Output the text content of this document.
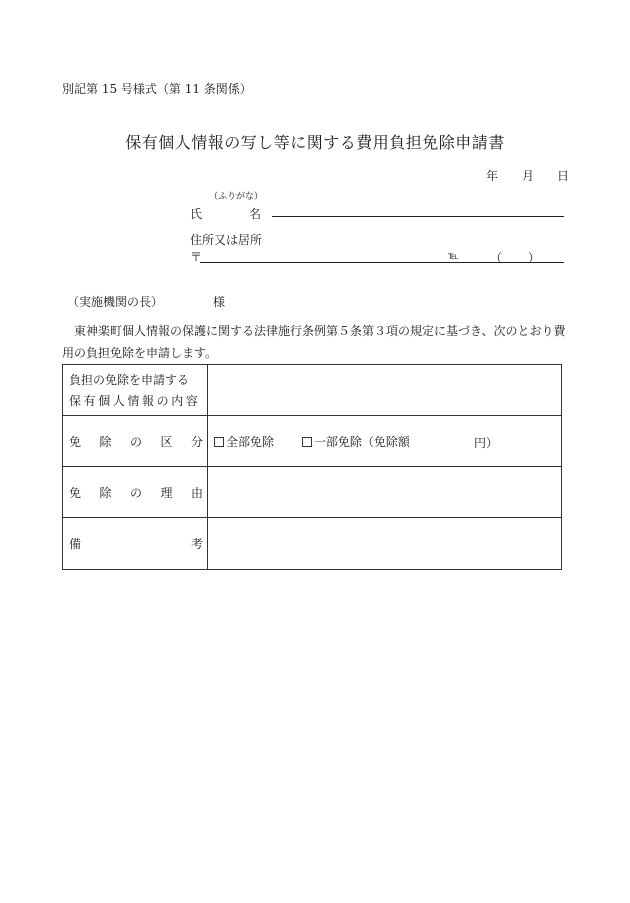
別記第 15 号様式（第 11 条関係）
保有個人情報の写し等に関する費用負担免除申請書
年 月 日
（ふりがな）
氏	名
住所又は居所
〒	℡	（ ）
（実施機関の長）	様
東神楽町個人情報の保護に関する法律施行条例第５条第３項の規定に基づき、次のとおり費用の負担免除を申請します。
負担の免除を申請する
保有個人情報の内容	

免 除 の 区 分	全部免除 一部免除（免除額 円）

免 除 の 理 由	

備 考	
